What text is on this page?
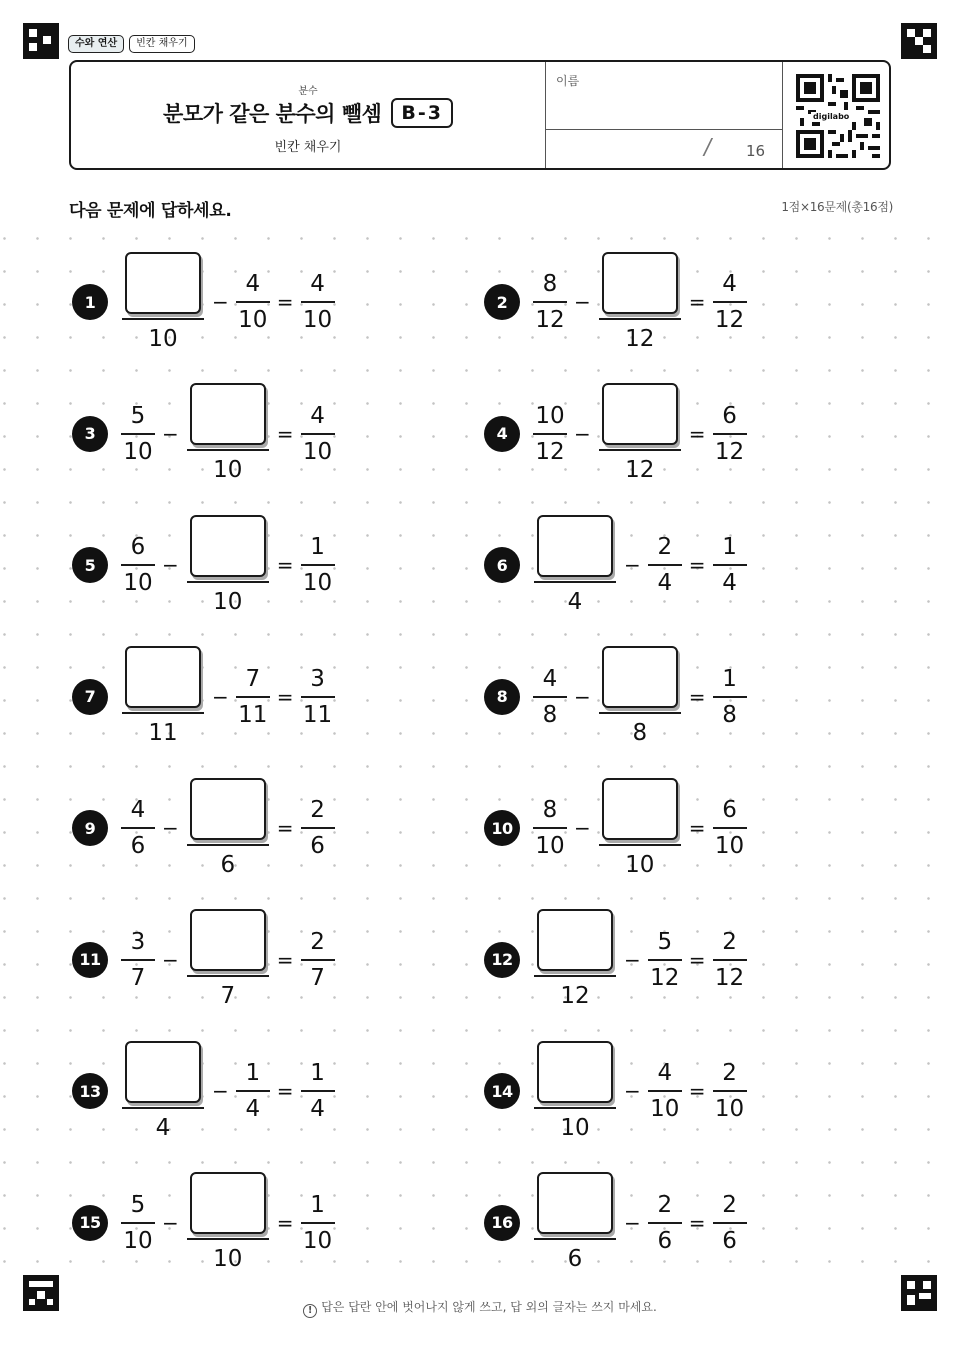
수와 연산	빈칸 채우기
분수
분모가 같은 분수의 뺄셈	B-3
빈칸 채우기
이름
/ 16
digilabo
다음 문제에 답하세요.	1점×16문제(총16점)
1
10
− $\frac{4}{10} = \frac{4}{10}$	2	$\frac{8}{12}$ −
12
= $\frac{4}{12}$
3	$\frac{5}{10}$ −
10
= $\frac{4}{10}$	4	$\frac{10}{12}$ −
12
= $\frac{6}{12}$
5	$\frac{6}{10}$ −
10
= $\frac{1}{10}$	6
4
− $\frac{2}{4} = \frac{1}{4}$
7
11
− $\frac{7}{11} = \frac{3}{11}$	8	$\frac{4}{8}$ −
8
= $\frac{1}{8}$
9	$\frac{4}{6}$ −
6
= $\frac{2}{6}$	$10 \frac{8}{10}$ −
10
= $\frac{6}{10}$
$11 \frac{3}{7}$ −
7
= $\frac{2}{7}$	12
12
− $\frac{5}{12} = \frac{2}{12}$
13
4
− $\frac{1}{4} = \frac{1}{4}$	14
10
− $\frac{4}{10} = \frac{2}{10}$
$15 \frac{5}{10}$ −
10
= $\frac{1}{10}$	16
6
− $\frac{2}{6} = \frac{2}{6}$
! 답은 답란 안에 벗어나지 않게 쓰고, 답 외의 글자는 쓰지 마세요.
